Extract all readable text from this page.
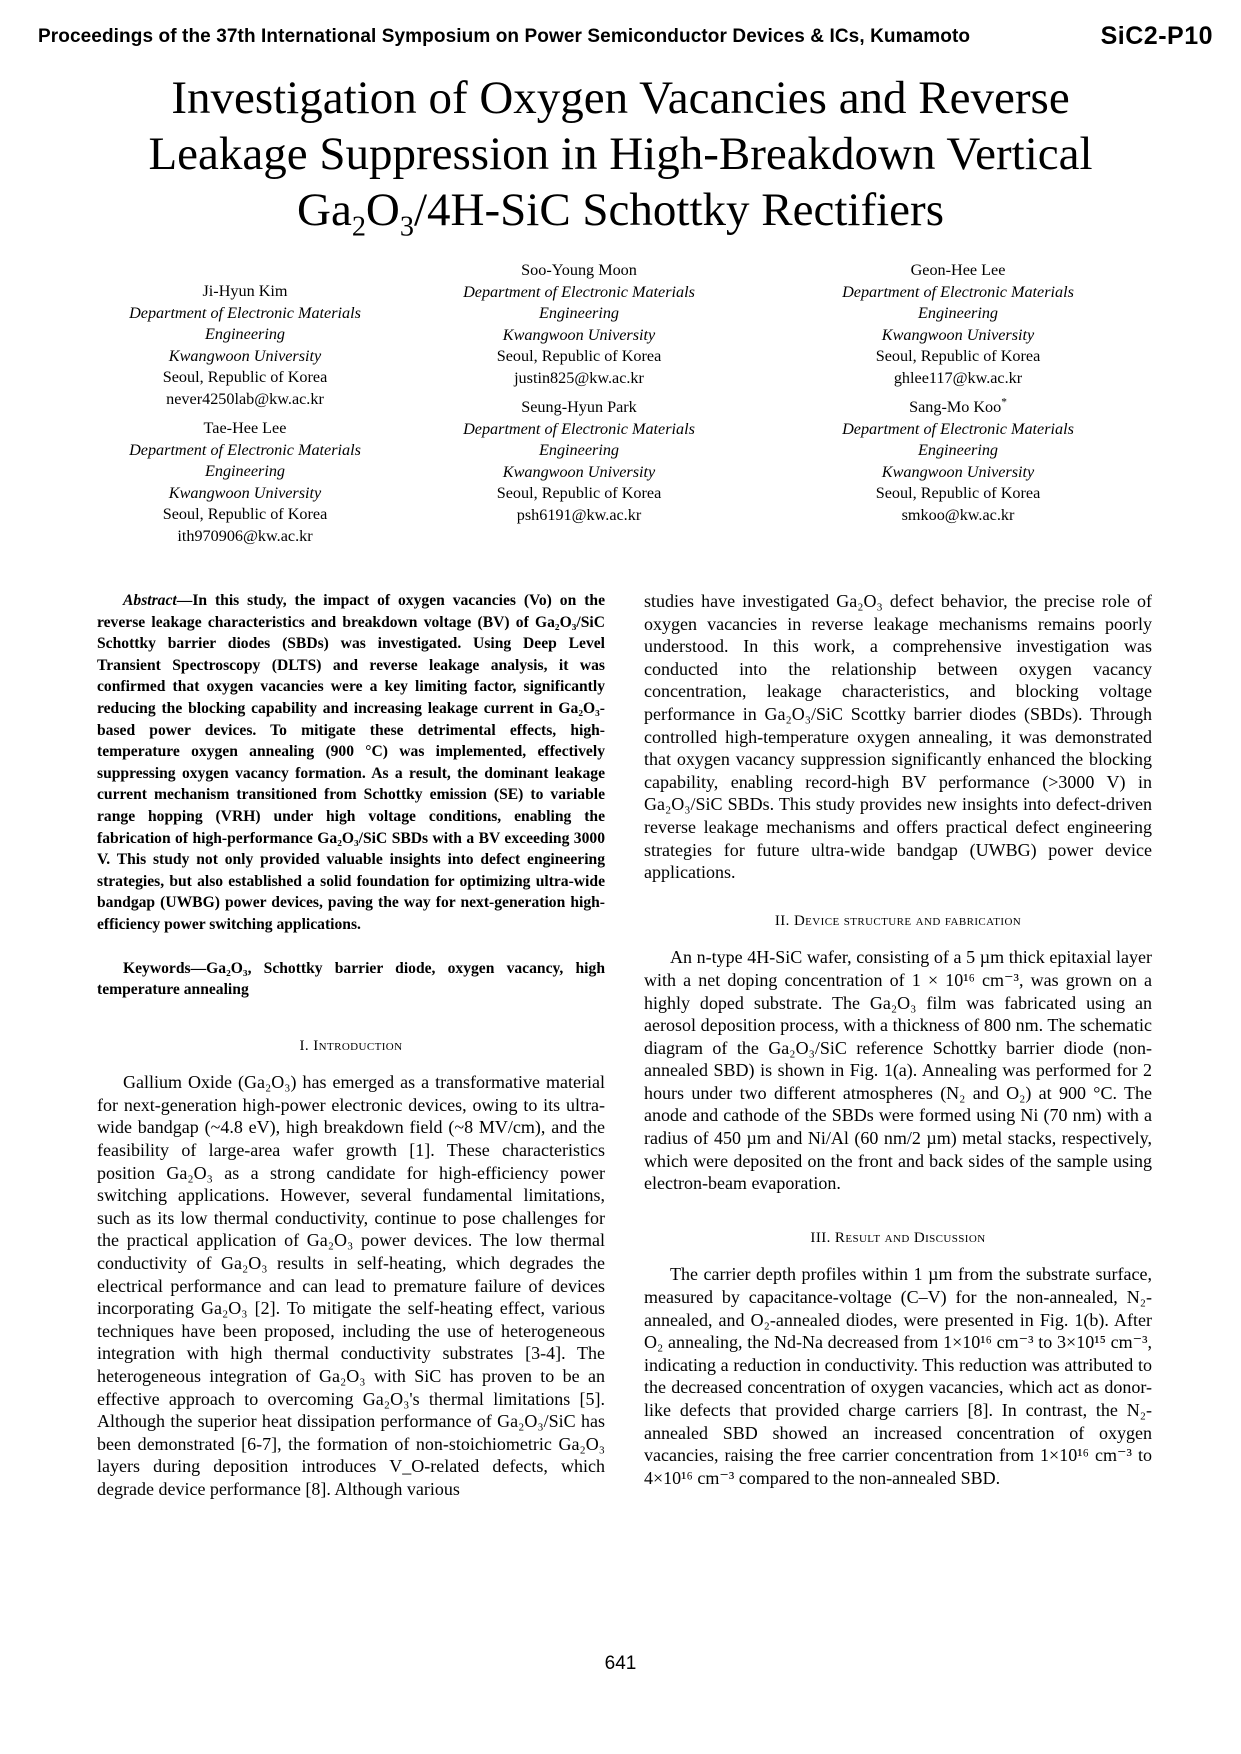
Proceedings of the 37th International Symposium on Power Semiconductor Devices & ICs, Kumamoto	SiC2-P10
Investigation of Oxygen Vacancies and Reverse
Leakage Suppression in High-Breakdown Vertical
$Ga_2O_3/4H$-SiC Schottky Rectifiers
Ji-Hyun Kim
Department of Electronic Materials
Engineering
Kwangwoon University
Seoul, Republic of Korea
never4250lab@kw.ac.kr
Tae-Hee Lee
Department of Electronic Materials
Engineering
Kwangwoon University
Seoul, Republic of Korea
ith970906@kw.ac.kr
Soo-Young Moon
Department of Electronic Materials
Engineering
Kwangwoon University
Seoul, Republic of Korea
justin825@kw.ac.kr
Seung-Hyun Park
Department of Electronic Materials
Engineering
Kwangwoon University
Seoul, Republic of Korea
psh6191@kw.ac.kr
Geon-Hee Lee
Department of Electronic Materials
Engineering
Kwangwoon University
Seoul, Republic of Korea
ghlee117@kw.ac.kr
Sang-Mo Koo*
Department of Electronic Materials
Engineering
Kwangwoon University
Seoul, Republic of Korea
smkoo@kw.ac.kr

Abstract—In this study, the impact of oxygen vacancies (Vo) on the reverse leakage characteristics and breakdown voltage (BV) of Ga₂O₃/SiC Schottky barrier diodes (SBDs) was investigated. Using Deep Level Transient Spectroscopy (DLTS) and reverse leakage analysis, it was confirmed that oxygen vacancies were a key limiting factor, significantly reducing the blocking capability and increasing leakage current in Ga₂O₃-based power devices. To mitigate these detrimental effects, high-temperature oxygen annealing (900 °C) was implemented, effectively suppressing oxygen vacancy formation. As a result, the dominant leakage current mechanism transitioned from Schottky emission (SE) to variable range hopping (VRH) under high voltage conditions, enabling the fabrication of high-performance Ga₂O₃/SiC SBDs with a BV exceeding 3000 V. This study not only provided valuable insights into defect engineering strategies, but also established a solid foundation for optimizing ultra-wide bandgap (UWBG) power devices, paving the way for next-generation high-efficiency power switching applications.

Keywords—Ga₂O₃, Schottky barrier diode, oxygen vacancy, high temperature annealing

I. Introduction

Gallium Oxide (Ga₂O₃) has emerged as a transformative material for next-generation high-power electronic devices, owing to its ultra-wide bandgap (~4.8 eV), high breakdown field (~8 MV/cm), and the feasibility of large-area wafer growth [1]. These characteristics position Ga₂O₃ as a strong candidate for high-efficiency power switching applications. However, several fundamental limitations, such as its low thermal conductivity, continue to pose challenges for the practical application of Ga₂O₃ power devices. The low thermal conductivity of Ga₂O₃ results in self-heating, which degrades the electrical performance and can lead to premature failure of devices incorporating Ga₂O₃ [2]. To mitigate the self-heating effect, various techniques have been proposed, including the use of heterogeneous integration with high thermal conductivity substrates [3-4]. The heterogeneous integration of Ga₂O₃ with SiC has proven to be an effective approach to overcoming Ga₂O₃'s thermal limitations [5]. Although the superior heat dissipation performance of Ga₂O₃/SiC has been demonstrated [6-7], the formation of non-stoichiometric Ga₂O₃ layers during deposition introduces V_O-related defects, which degrade device performance [8]. Although various

studies have investigated Ga₂O₃ defect behavior, the precise role of oxygen vacancies in reverse leakage mechanisms remains poorly understood. In this work, a comprehensive investigation was conducted into the relationship between oxygen vacancy concentration, leakage characteristics, and blocking voltage performance in Ga₂O₃/SiC Scottky barrier diodes (SBDs). Through controlled high-temperature oxygen annealing, it was demonstrated that oxygen vacancy suppression significantly enhanced the blocking capability, enabling record-high BV performance (>3000 V) in Ga₂O₃/SiC SBDs. This study provides new insights into defect-driven reverse leakage mechanisms and offers practical defect engineering strategies for future ultra-wide bandgap (UWBG) power device applications.

II. Device structure and fabrication

An n-type 4H-SiC wafer, consisting of a 5 µm thick epitaxial layer with a net doping concentration of 1 × 10¹⁶ cm⁻³, was grown on a highly doped substrate. The Ga₂O₃ film was fabricated using an aerosol deposition process, with a thickness of 800 nm. The schematic diagram of the Ga₂O₃/SiC reference Schottky barrier diode (non-annealed SBD) is shown in Fig. 1(a). Annealing was performed for 2 hours under two different atmospheres (N₂ and O₂) at 900 °C. The anode and cathode of the SBDs were formed using Ni (70 nm) with a radius of 450 µm and Ni/Al (60 nm/2 µm) metal stacks, respectively, which were deposited on the front and back sides of the sample using electron-beam evaporation.

III. Result and Discussion

The carrier depth profiles within 1 µm from the substrate surface, measured by capacitance-voltage (C–V) for the non-annealed, N₂-annealed, and O₂-annealed diodes, were presented in Fig. 1(b). After O₂ annealing, the Nd-Na decreased from 1×10¹⁶ cm⁻³ to 3×10¹⁵ cm⁻³, indicating a reduction in conductivity. This reduction was attributed to the decreased concentration of oxygen vacancies, which act as donor-like defects that provided charge carriers [8]. In contrast, the N₂-annealed SBD showed an increased concentration of oxygen vacancies, raising the free carrier concentration from 1×10¹⁶ cm⁻³ to 4×10¹⁶ cm⁻³ compared to the non-annealed SBD.

641
